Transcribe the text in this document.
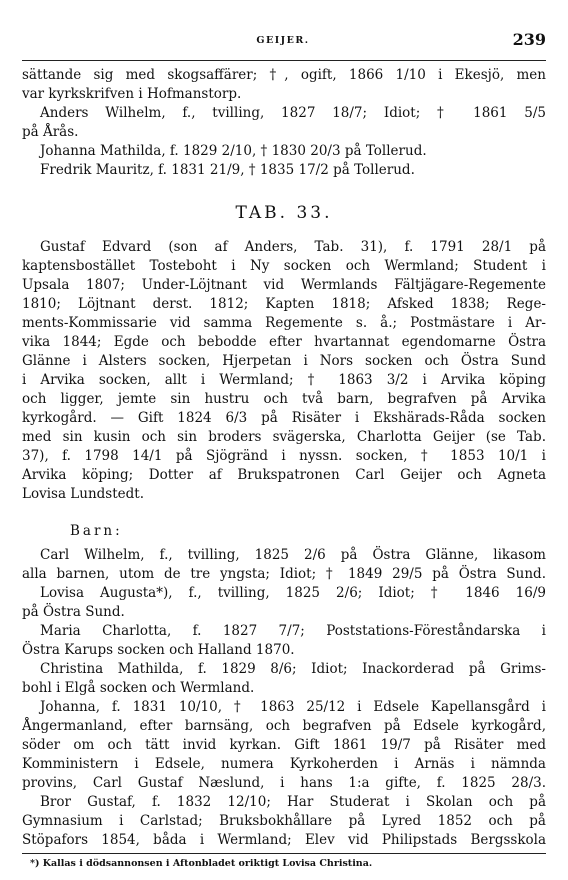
GEIJER.	239
sättande sig med skogsaffärer; †, ogift, 1866 1/10 i Ekesjö, men
var kyrkskrifven i Hofmanstorp.
Anders Wilhelm, f., tvilling, 1827 18/7; Idiot; † 1861 5/5
på Årås.
Johanna Mathilda, f. 1829 2/10, † 1830 20/3 på Tollerud.
Fredrik Mauritz, f. 1831 21/9, † 1835 17/2 på Tollerud.
TAB. 33.
Gustaf Edvard (son af Anders, Tab. 31), f. 1791 28/1 på
kaptensbostället Tosteboht i Ny socken och Wermland; Student i
Upsala 1807; Under-Löjtnant vid Wermlands Fältjägare-Regemente
1810; Löjtnant derst. 1812; Kapten 1818; Afsked 1838; Rege-
ments-Kommissarie vid samma Regemente s. å.; Postmästare i Ar-
vika 1844; Egde och bebodde efter hvartannat egendomarne Östra
Glänne i Alsters socken, Hjerpetan i Nors socken och Östra Sund
i Arvika socken, allt i Wermland; † 1863 3/2 i Arvika köping
och ligger, jemte sin hustru och två barn, begrafven på Arvika
kyrkogård. — Gift 1824 6/3 på Risäter i Ekshärads-Råda socken
med sin kusin och sin broders svägerska, Charlotta Geijer (se Tab.
37), f. 1798 14/1 på Sjögränd i nyssn. socken, † 1853 10/1 i
Arvika köping; Dotter af Brukspatronen Carl Geijer och Agneta
Lovisa Lundstedt.
Barn:
Carl Wilhelm, f., tvilling, 1825 2/6 på Östra Glänne, likasom
alla barnen, utom de tre yngsta; Idiot; † 1849 29/5 på Östra Sund.
Lovisa Augusta*), f., tvilling, 1825 2/6; Idiot; † 1846 16/9
på Östra Sund.
Maria Charlotta, f. 1827 7/7; Poststations-Föreståndarska i
Östra Karups socken och Halland 1870.
Christina Mathilda, f. 1829 8/6; Idiot; Inackorderad på Grims-
bohl i Elgå socken och Wermland.
Johanna, f. 1831 10/10, † 1863 25/12 i Edsele Kapellansgård i
Ångermanland, efter barnsäng, och begrafven på Edsele kyrkogård,
söder om och tätt invid kyrkan. Gift 1861 19/7 på Risäter med
Komministern i Edsele, numera Kyrkoherden i Arnäs i nämnda
provins, Carl Gustaf Næslund, i hans 1:a gifte, f. 1825 28/3.
Bror Gustaf, f. 1832 12/10; Har Studerat i Skolan och på
Gymnasium i Carlstad; Bruksbokhållare på Lyred 1852 och på
Stöpafors 1854, båda i Wermland; Elev vid Philipstads Bergsskola
*) Kallas i dödsannonsen i Aftonbladet oriktigt Lovisa Christina.
